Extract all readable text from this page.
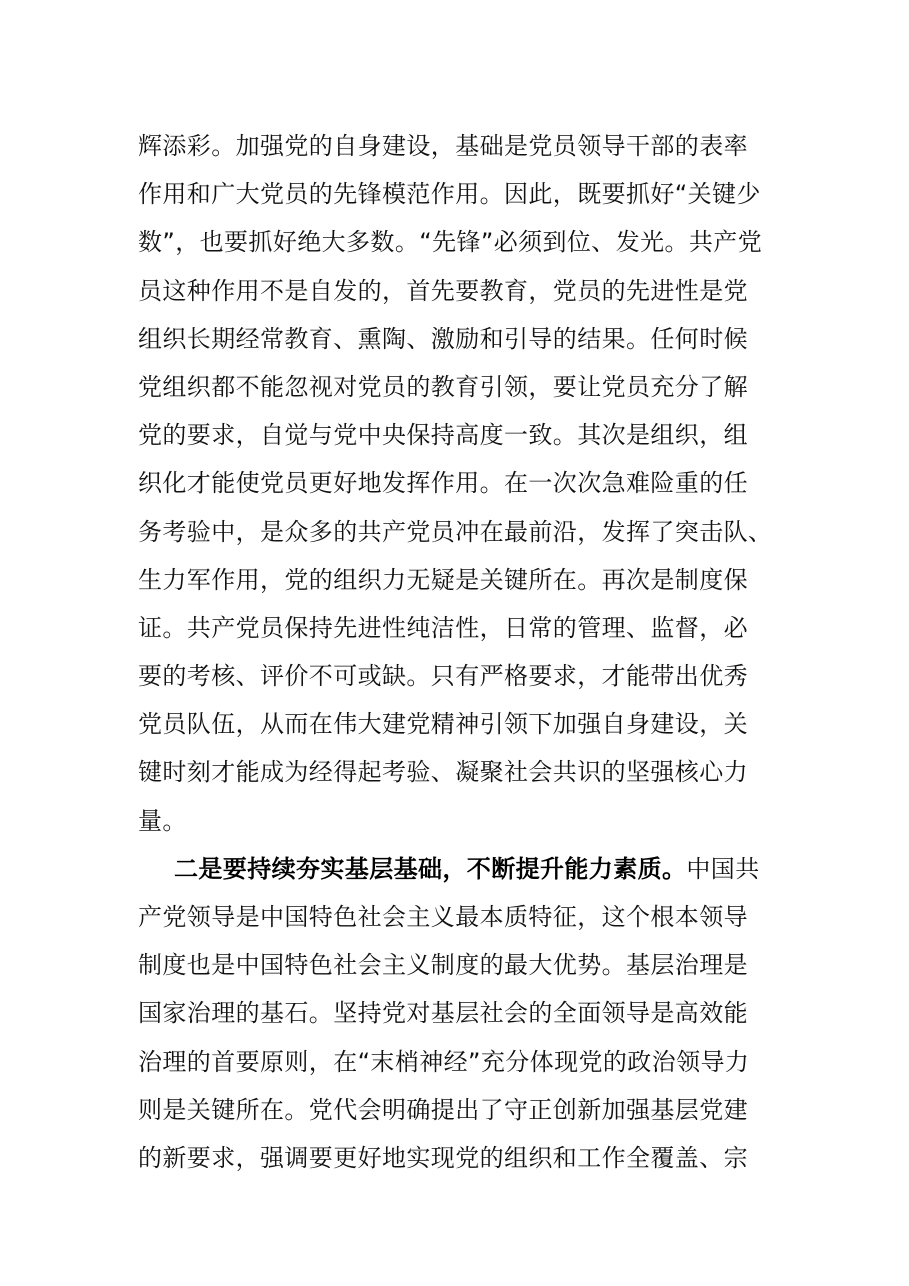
辉添彩。加强党的自身建设，基础是党员领导干部的表率
作用和广大党员的先锋模范作用。因此，既要抓好“关键少
数”，也要抓好绝大多数。“先锋”必须到位、发光。共产党
员这种作用不是自发的，首先要教育，党员的先进性是党
组织长期经常教育、熏陶、激励和引导的结果。任何时候
党组织都不能忽视对党员的教育引领，要让党员充分了解
党的要求，自觉与党中央保持高度一致。其次是组织，组
织化才能使党员更好地发挥作用。在一次次急难险重的任
务考验中，是众多的共产党员冲在最前沿，发挥了突击队、
生力军作用，党的组织力无疑是关键所在。再次是制度保
证。共产党员保持先进性纯洁性，日常的管理、监督，必
要的考核、评价不可或缺。只有严格要求，才能带出优秀
党员队伍，从而在伟大建党精神引领下加强自身建设，关
键时刻才能成为经得起考验、凝聚社会共识的坚强核心力
量。
二是要持续夯实基层基础，不断提升能力素质。中国共
产党领导是中国特色社会主义最本质特征，这个根本领导
制度也是中国特色社会主义制度的最大优势。基层治理是
国家治理的基石。坚持党对基层社会的全面领导是高效能
治理的首要原则，在“末梢神经”充分体现党的政治领导力
则是关键所在。党代会明确提出了守正创新加强基层党建
的新要求，强调要更好地实现党的组织和工作全覆盖、宗
